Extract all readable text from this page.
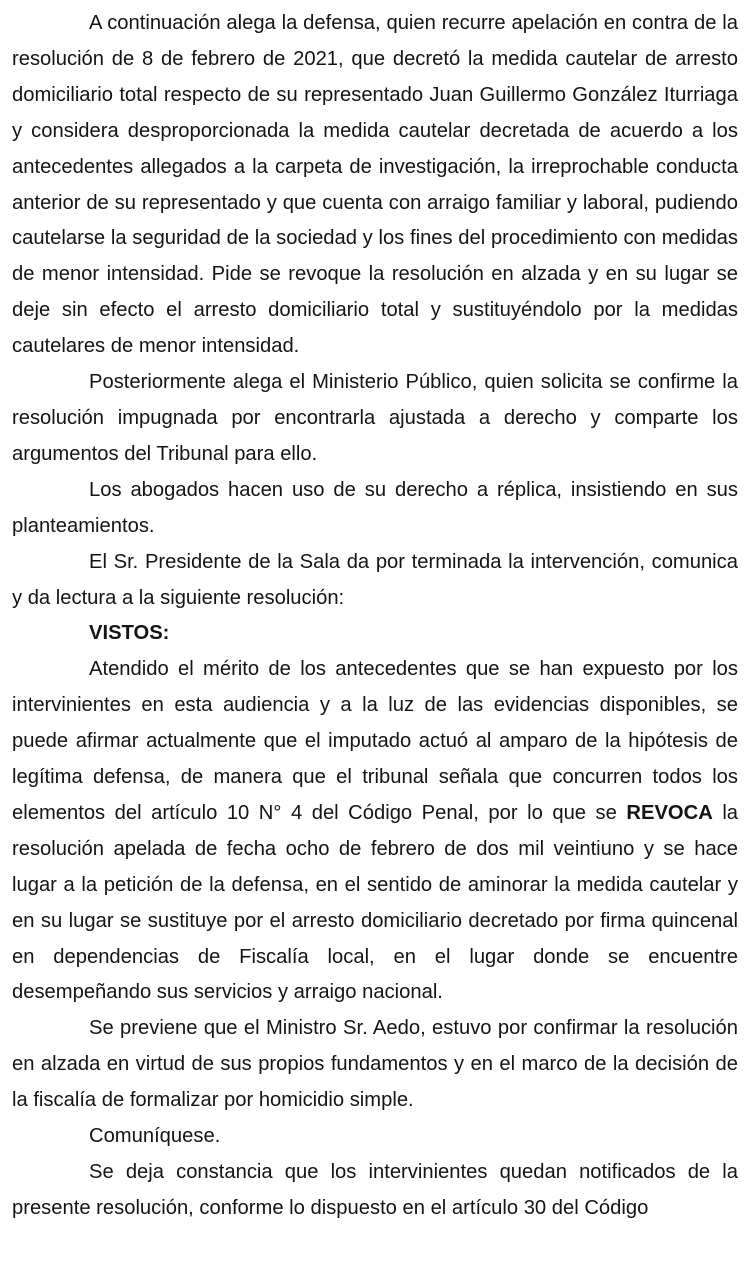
A continuación alega la defensa, quien recurre apelación en contra de la resolución de 8 de febrero de 2021, que decretó la medida cautelar de arresto domiciliario total respecto de su representado Juan Guillermo González Iturriaga y considera desproporcionada la medida cautelar decretada de acuerdo a los antecedentes allegados a la carpeta de investigación, la irreprochable conducta anterior de su representado y que cuenta con arraigo familiar y laboral, pudiendo cautelarse la seguridad de la sociedad y los fines del procedimiento con medidas de menor intensidad. Pide se revoque la resolución en alzada y en su lugar se deje sin efecto el arresto domiciliario total y sustituyéndolo por la medidas cautelares de menor intensidad.

Posteriormente alega el Ministerio Público, quien solicita se confirme la resolución impugnada por encontrarla ajustada a derecho y comparte los argumentos del Tribunal para ello.

Los abogados hacen uso de su derecho a réplica, insistiendo en sus planteamientos.

El Sr. Presidente de la Sala da por terminada la intervención, comunica y da lectura a la siguiente resolución:

VISTOS:

Atendido el mérito de los antecedentes que se han expuesto por los intervinientes en esta audiencia y a la luz de las evidencias disponibles, se puede afirmar actualmente que el imputado actuó al amparo de la hipótesis de legítima defensa, de manera que el tribunal señala que concurren todos los elementos del artículo 10 N° 4 del Código Penal, por lo que se REVOCA la resolución apelada de fecha ocho de febrero de dos mil veintiuno y se hace lugar a la petición de la defensa, en el sentido de aminorar la medida cautelar y en su lugar se sustituye por el arresto domiciliario decretado por firma quincenal en dependencias de Fiscalía local, en el lugar donde se encuentre desempeñando sus servicios y arraigo nacional.

Se previene que el Ministro Sr. Aedo, estuvo por confirmar la resolución en alzada en virtud de sus propios fundamentos y en el marco de la decisión de la fiscalía de formalizar por homicidio simple.

Comuníquese.

Se deja constancia que los intervinientes quedan notificados de la presente resolución, conforme lo dispuesto en el artículo 30 del Código
